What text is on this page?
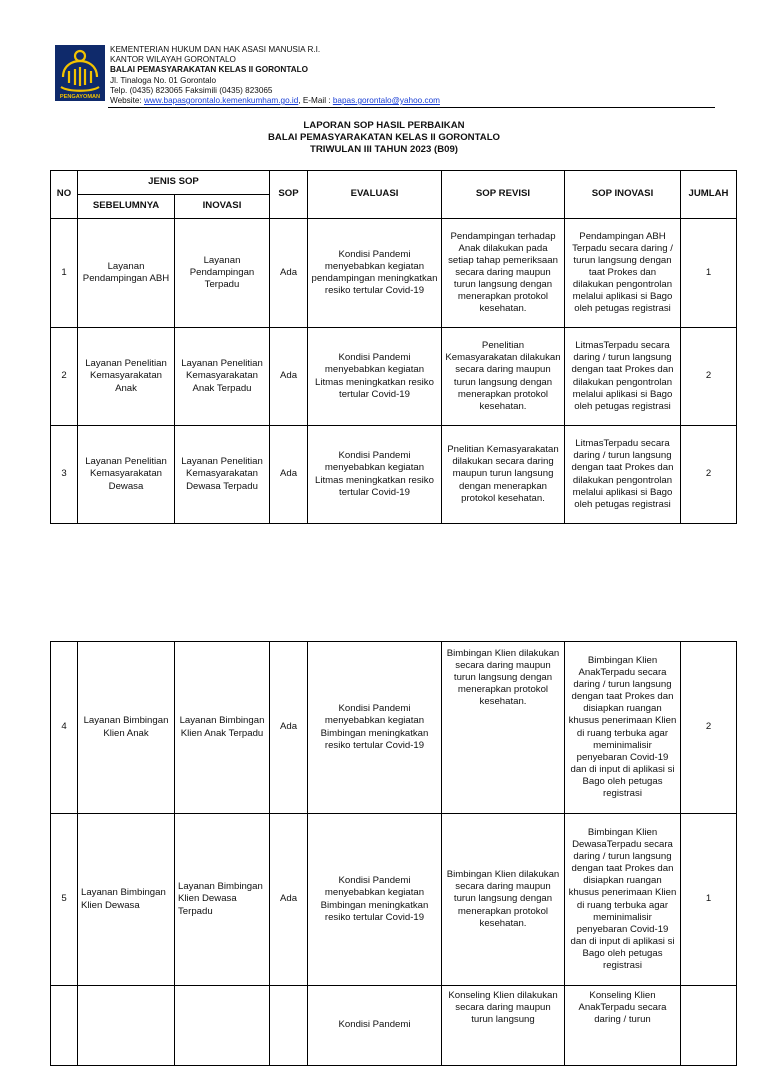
PENGAYOMAN
KEMENTERIAN HUKUM DAN HAK ASASI MANUSIA R.I.
KANTOR WILAYAH GORONTALO
BALAI PEMASYARAKATAN KELAS II GORONTALO
Jl. Tinaloga No. 01 Gorontalo
Telp. (0435) 823065 Faksimili (0435) 823065
Website: www.bapasgorontalo.kemenkumham.go.id, E-Mail : bapas.gorontalo@yahoo.com
LAPORAN SOP HASIL PERBAIKAN
BALAI PEMASYARAKATAN KELAS II GORONTALO
TRIWULAN III TAHUN 2023 (B09)
NO	JENIS SOP		SOP	EVALUASI	SOP REVISI	SOP INOVASI	JUMLAH
	SEBELUMNYA	INOVASI					
1	Layanan Pendampingan ABH	Layanan Pendampingan Terpadu	Ada	Kondisi Pandemi menyebabkan kegiatan pendampingan meningkatkan resiko tertular Covid-19	Pendampingan terhadap Anak dilakukan pada setiap tahap pemeriksaan secara daring maupun turun langsung dengan menerapkan protokol kesehatan.	Pendampingan ABH Terpadu secara daring / turun langsung dengan taat Prokes dan dilakukan pengontrolan melalui aplikasi si Bago oleh petugas registrasi	1
2	Layanan Penelitian Kemasyarakatan Anak	Layanan Penelitian Kemasyarakatan Anak Terpadu	Ada	Kondisi Pandemi menyebabkan kegiatan Litmas meningkatkan resiko tertular Covid-19	Penelitian Kemasyarakatan dilakukan secara daring maupun turun langsung dengan menerapkan protokol kesehatan.	LitmasTerpadu secara daring / turun langsung dengan taat Prokes dan dilakukan pengontrolan melalui aplikasi si Bago oleh petugas registrasi	2
3	Layanan Penelitian Kemasyarakatan Dewasa	Layanan Penelitian Kemasyarakatan Dewasa Terpadu	Ada	Kondisi Pandemi menyebabkan kegiatan Litmas meningkatkan resiko tertular Covid-19	Pnelitian Kemasyarakatan dilakukan secara daring maupun turun langsung dengan menerapkan protokol kesehatan.	LitmasTerpadu secara daring / turun langsung dengan taat Prokes dan dilakukan pengontrolan melalui aplikasi si Bago oleh petugas registrasi	2
4	Layanan Bimbingan Klien Anak	Layanan Bimbingan Klien Anak Terpadu	Ada	Kondisi Pandemi menyebabkan kegiatan Bimbingan meningkatkan resiko tertular Covid-19	Bimbingan Klien dilakukan secara daring maupun turun langsung dengan menerapkan protokol kesehatan.	Bimbingan Klien AnakTerpadu secara daring / turun langsung dengan taat Prokes dan disiapkan ruangan khusus penerimaan Klien di ruang terbuka agar meminimalisir penyebaran Covid-19 dan di input di aplikasi si Bago oleh petugas registrasi	2
5	Layanan Bimbingan Klien Dewasa	Layanan Bimbingan Klien Dewasa Terpadu	Ada	Kondisi Pandemi menyebabkan kegiatan Bimbingan meningkatkan resiko tertular Covid-19	Bimbingan Klien dilakukan secara daring maupun turun langsung dengan menerapkan protokol kesehatan.	Bimbingan Klien DewasaTerpadu secara daring / turun langsung dengan taat Prokes dan disiapkan ruangan khusus penerimaan Klien di ruang terbuka agar meminimalisir penyebaran Covid-19 dan di input di aplikasi si Bago oleh petugas registrasi	1
				Kondisi Pandemi	Konseling Klien dilakukan secara daring maupun turun langsung	Konseling Klien AnakTerpadu secara daring / turun	
